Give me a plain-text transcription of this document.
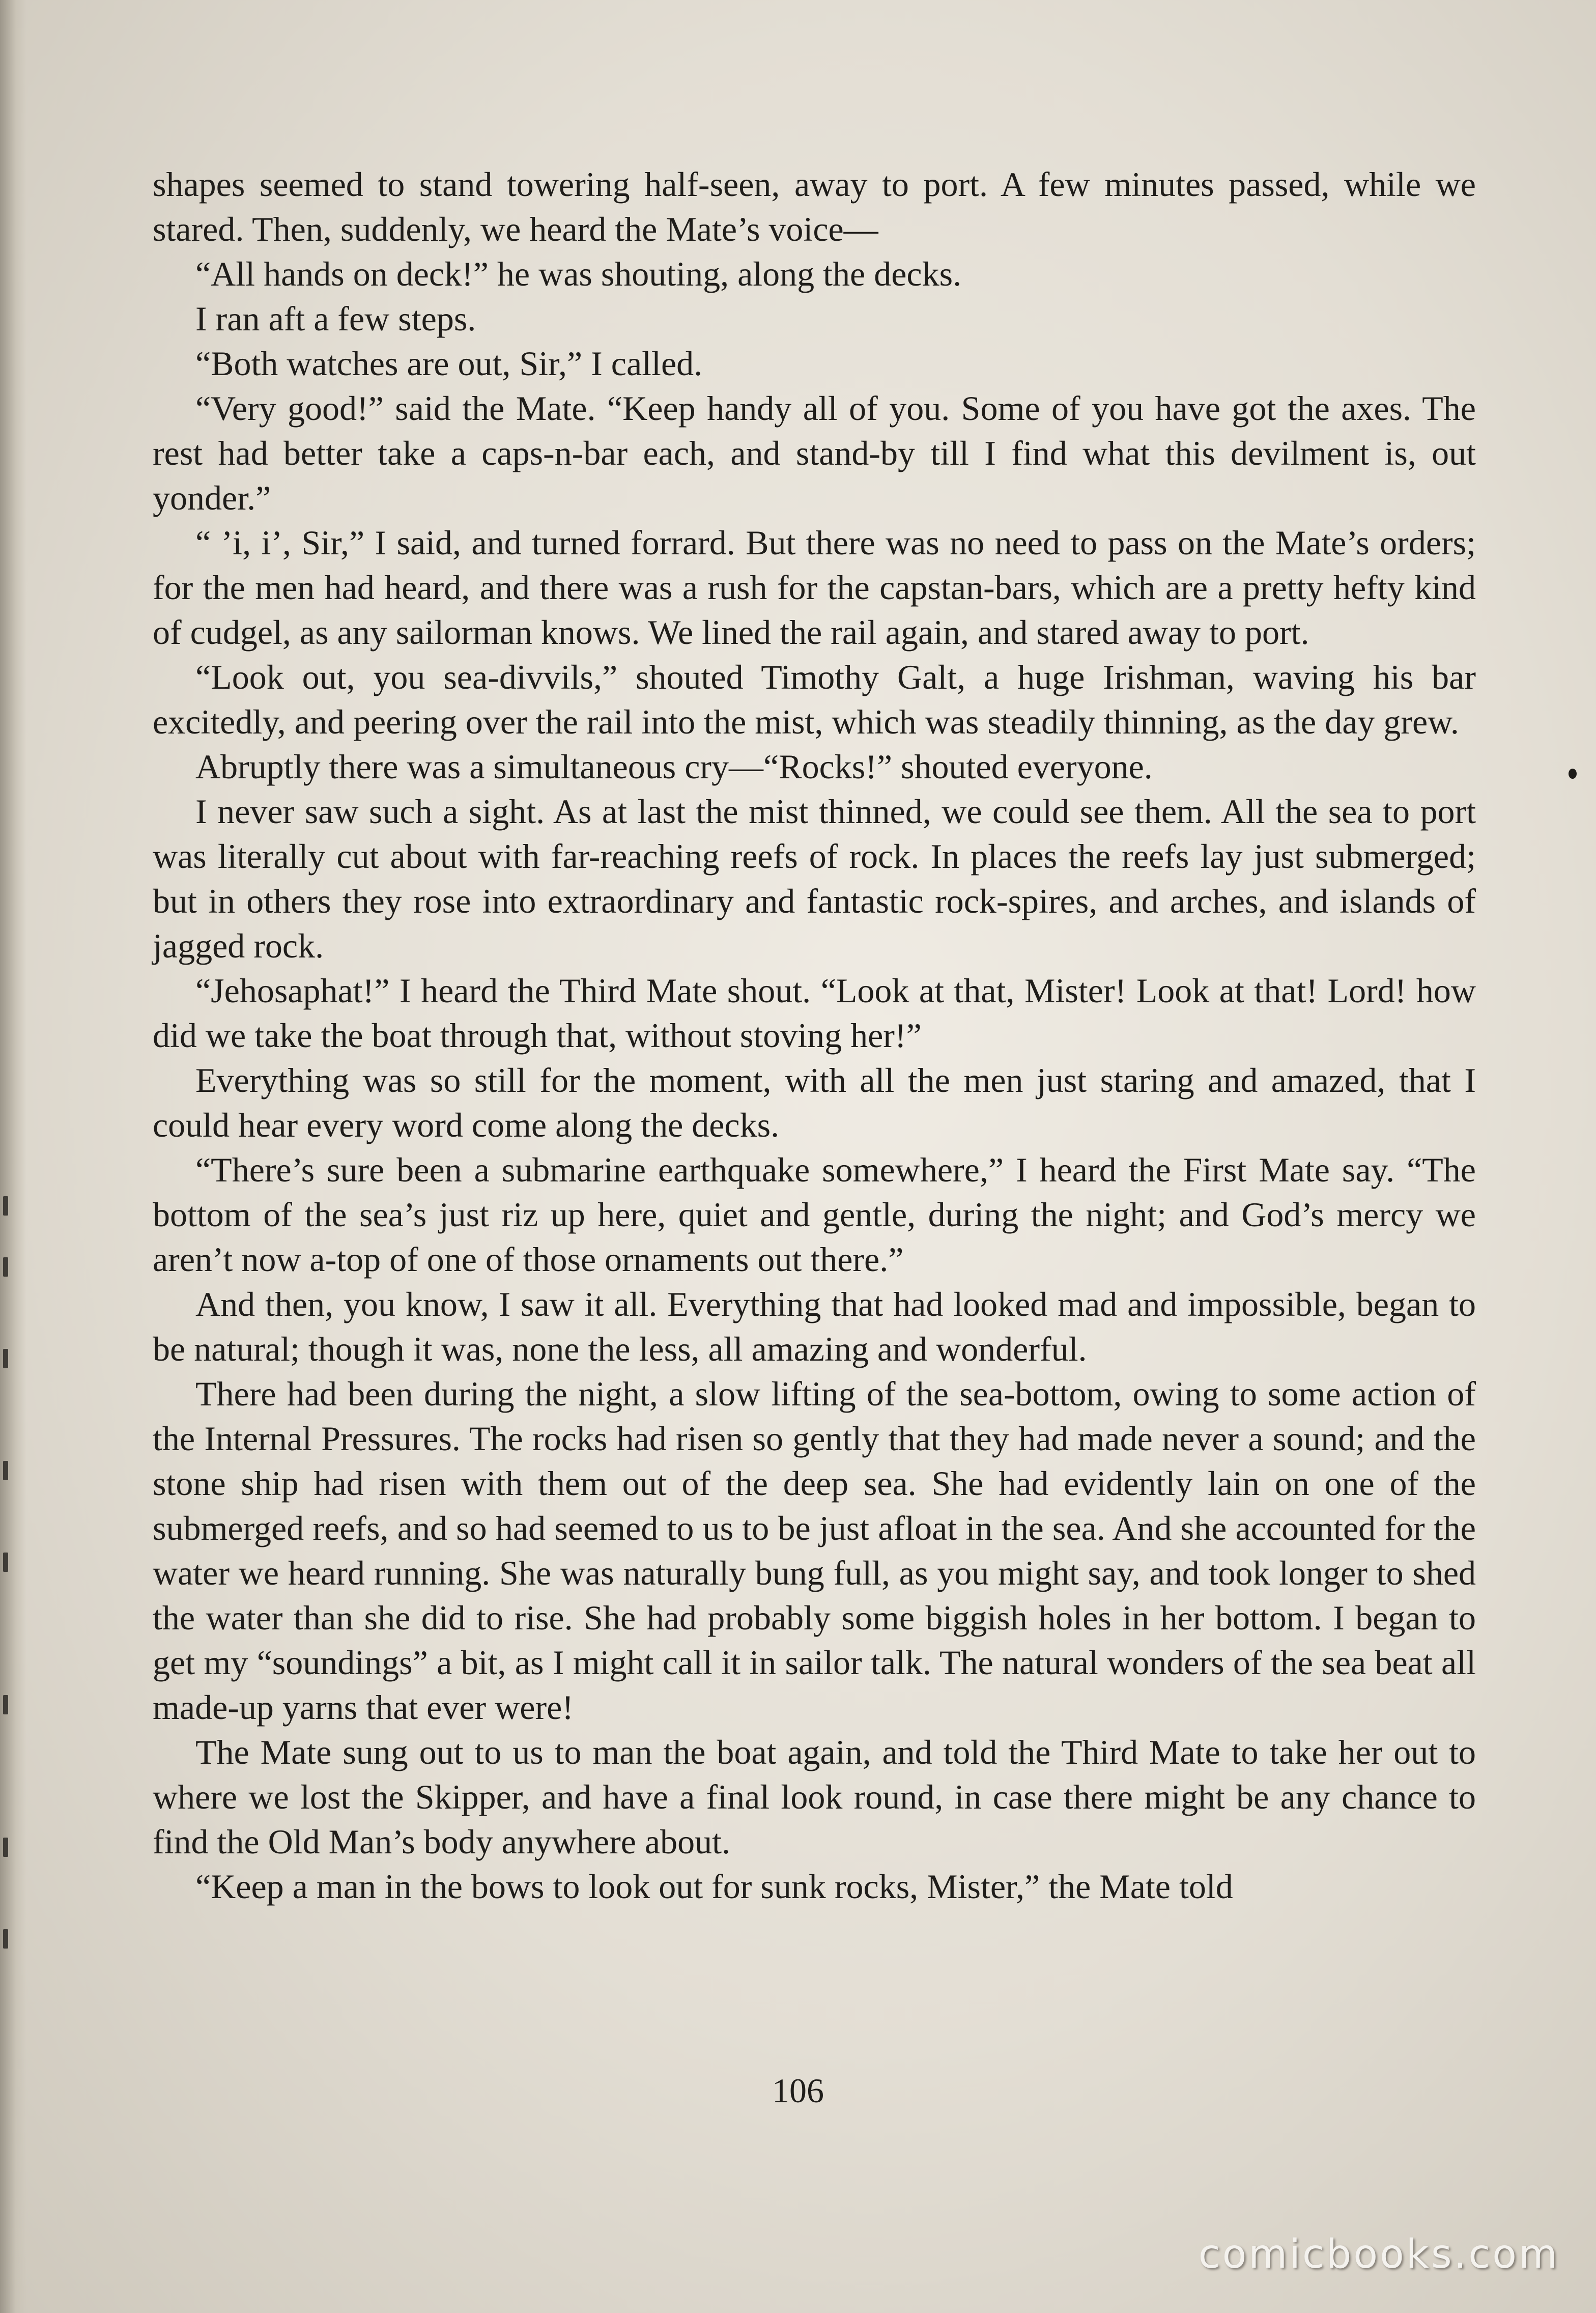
shapes seemed to stand towering half-seen, away to port. A few minutes passed, while we stared. Then, suddenly, we heard the Mate’s voice—

“All hands on deck!” he was shouting, along the decks.

I ran aft a few steps.

“Both watches are out, Sir,” I called.

“Very good!” said the Mate. “Keep handy all of you. Some of you have got the axes. The rest had better take a caps-n-bar each, and stand-by till I find what this devilment is, out yonder.”

“ ’i, i’, Sir,” I said, and turned forrard. But there was no need to pass on the Mate’s orders; for the men had heard, and there was a rush for the capstan-bars, which are a pretty hefty kind of cudgel, as any sailorman knows. We lined the rail again, and stared away to port.

“Look out, you sea-divvils,” shouted Timothy Galt, a huge Irishman, waving his bar excitedly, and peering over the rail into the mist, which was steadily thinning, as the day grew.

Abruptly there was a simultaneous cry—“Rocks!” shouted everyone.

I never saw such a sight. As at last the mist thinned, we could see them. All the sea to port was literally cut about with far-reaching reefs of rock. In places the reefs lay just submerged; but in others they rose into extraordinary and fantastic rock-spires, and arches, and islands of jagged rock.

“Jehosaphat!” I heard the Third Mate shout. “Look at that, Mister! Look at that! Lord! how did we take the boat through that, without stoving her!”

Everything was so still for the moment, with all the men just staring and amazed, that I could hear every word come along the decks.

“There’s sure been a submarine earthquake somewhere,” I heard the First Mate say. “The bottom of the sea’s just riz up here, quiet and gentle, during the night; and God’s mercy we aren’t now a-top of one of those ornaments out there.”

And then, you know, I saw it all. Everything that had looked mad and impossible, began to be natural; though it was, none the less, all amazing and wonderful.

There had been during the night, a slow lifting of the sea-bottom, owing to some action of the Internal Pressures. The rocks had risen so gently that they had made never a sound; and the stone ship had risen with them out of the deep sea. She had evidently lain on one of the submerged reefs, and so had seemed to us to be just afloat in the sea. And she accounted for the water we heard running. She was naturally bung full, as you might say, and took longer to shed the water than she did to rise. She had probably some biggish holes in her bottom. I began to get my “soundings” a bit, as I might call it in sailor talk. The natural wonders of the sea beat all made-up yarns that ever were!

The Mate sung out to us to man the boat again, and told the Third Mate to take her out to where we lost the Skipper, and have a final look round, in case there might be any chance to find the Old Man’s body anywhere about.

“Keep a man in the bows to look out for sunk rocks, Mister,” the Mate told

106
comicbooks.com
